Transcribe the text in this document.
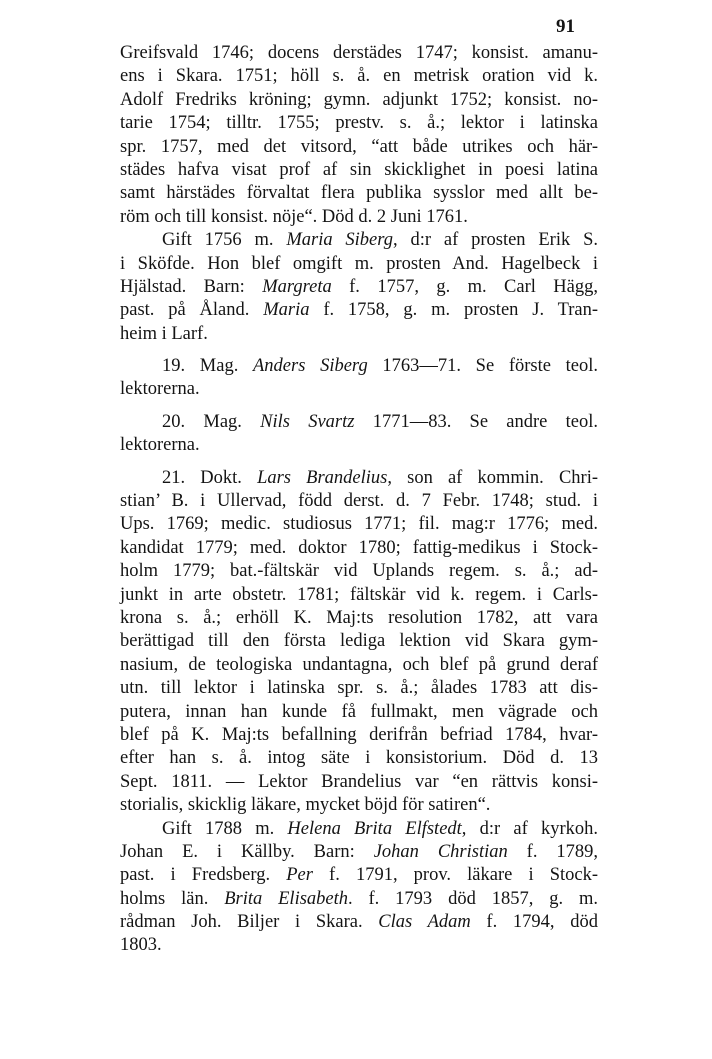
91
Greifsvald 1746; docens derstädes 1747; konsist. amanu-
ens i Skara. 1751; höll s. å. en metrisk oration vid k.
Adolf Fredriks kröning; gymn. adjunkt 1752; konsist. no-
tarie 1754; tilltr. 1755; prestv. s. å.; lektor i latinska
spr. 1757, med det vitsord, “att både utrikes och här-
städes hafva visat prof af sin skicklighet in poesi latina
samt härstädes förvaltat flera publika sysslor med allt be-
röm och till konsist. nöje“. Död d. 2 Juni 1761.
Gift 1756 m. Maria Siberg, d:r af prosten Erik S.
i Sköfde. Hon blef omgift m. prosten And. Hagelbeck i
Hjälstad. Barn: Margreta f. 1757, g. m. Carl Hägg,
past. på Åland. Maria f. 1758, g. m. prosten J. Tran-
heim i Larf.
19. Mag. Anders Siberg 1763—71. Se förste teol.
lektorerna.
20. Mag. Nils Svartz 1771—83. Se andre teol.
lektorerna.
21. Dokt. Lars Brandelius, son af kommin. Chri-
stian’ B. i Ullervad, född derst. d. 7 Febr. 1748; stud. i
Ups. 1769; medic. studiosus 1771; fil. mag:r 1776; med.
kandidat 1779; med. doktor 1780; fattig-medikus i Stock-
holm 1779; bat.-fältskär vid Uplands regem. s. å.; ad-
junkt in arte obstetr. 1781; fältskär vid k. regem. i Carls-
krona s. å.; erhöll K. Maj:ts resolution 1782, att vara
berättigad till den första lediga lektion vid Skara gym-
nasium, de teologiska undantagna, och blef på grund deraf
utn. till lektor i latinska spr. s. å.; ålades 1783 att dis-
putera, innan han kunde få fullmakt, men vägrade och
blef på K. Maj:ts befallning derifrån befriad 1784, hvar-
efter han s. å. intog säte i konsistorium. Död d. 13
Sept. 1811. — Lektor Brandelius var “en rättvis konsi-
storialis, skicklig läkare, mycket böjd för satiren“.
Gift 1788 m. Helena Brita Elfstedt, d:r af kyrkoh.
Johan E. i Källby. Barn: Johan Christian f. 1789,
past. i Fredsberg. Per f. 1791, prov. läkare i Stock-
holms län. Brita Elisabeth. f. 1793 död 1857, g. m.
rådman Joh. Biljer i Skara. Clas Adam f. 1794, död
1803.
